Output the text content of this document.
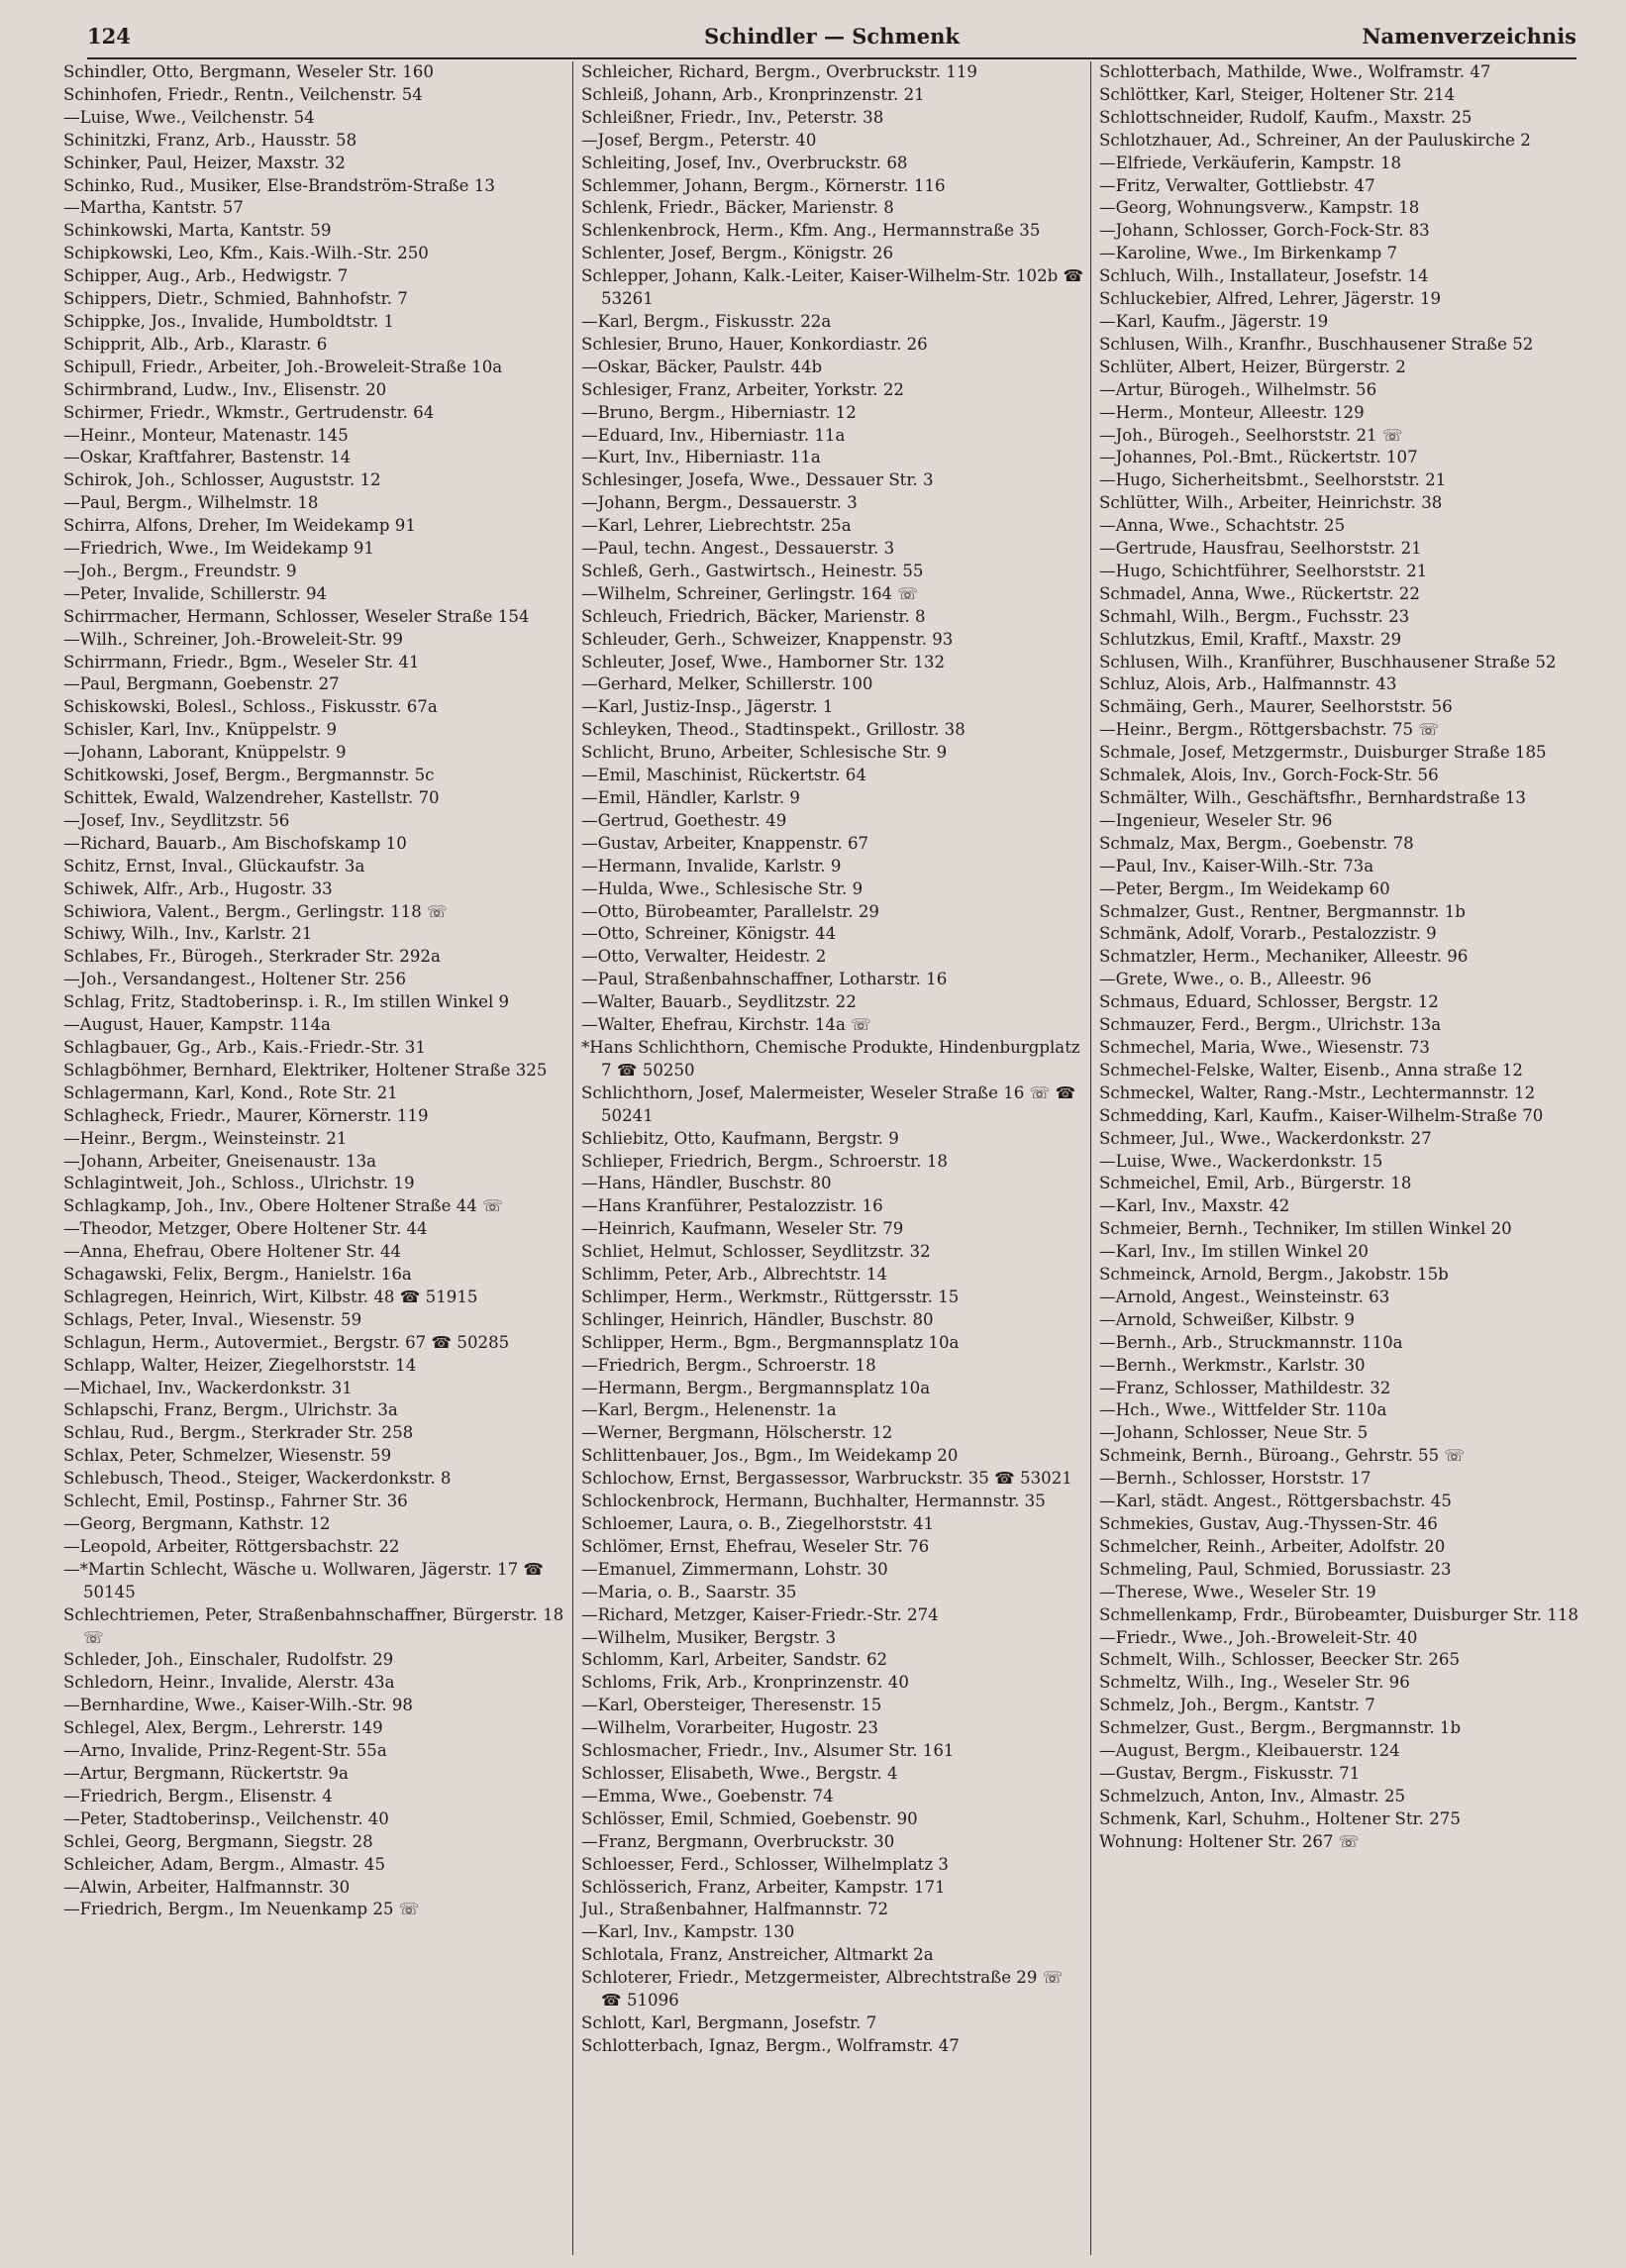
124	Schindler — Schmenk	Namenverzeichnis
Schindler, Otto, Bergmann, Weseler Str. 160
Schinhofen, Friedr., Rentn., Veilchenstr. 54
—Luise, Wwe., Veilchenstr. 54
Schinitzki, Franz, Arb., Hausstr. 58
Schinker, Paul, Heizer, Maxstr. 32
Schinko, Rud., Musiker, Else-Brandström-Straße 13
—Martha, Kantstr. 57
Schinkowski, Marta, Kantstr. 59
Schipkowski, Leo, Kfm., Kais.-Wilh.-Str. 250
Schipper, Aug., Arb., Hedwigstr. 7
Schippers, Dietr., Schmied, Bahnhofstr. 7
Schippke, Jos., Invalide, Humboldtstr. 1
Schipprit, Alb., Arb., Klarastr. 6
Schipull, Friedr., Arbeiter, Joh.-Broweleit-Straße 10a
Schirmbrand, Ludw., Inv., Elisenstr. 20
Schirmer, Friedr., Wkmstr., Gertrudenstr. 64
—Heinr., Monteur, Matenastr. 145
—Oskar, Kraftfahrer, Bastenstr. 14
Schirok, Joh., Schlosser, Auguststr. 12
—Paul, Bergm., Wilhelmstr. 18
Schirra, Alfons, Dreher, Im Weidekamp 91
—Friedrich, Wwe., Im Weidekamp 91
—Joh., Bergm., Freundstr. 9
—Peter, Invalide, Schillerstr. 94
Schirrmacher, Hermann, Schlosser, Weseler Straße 154
—Wilh., Schreiner, Joh.-Broweleit-Str. 99
Schirrmann, Friedr., Bgm., Weseler Str. 41
—Paul, Bergmann, Goebenstr. 27
Schiskowski, Bolesl., Schloss., Fiskusstr. 67a
Schisler, Karl, Inv., Knüppelstr. 9
—Johann, Laborant, Knüppelstr. 9
Schitkowski, Josef, Bergm., Bergmannstr. 5c
Schittek, Ewald, Walzendreher, Kastellstr. 70
—Josef, Inv., Seydlitzstr. 56
—Richard, Bauarb., Am Bischofskamp 10
Schitz, Ernst, Inval., Glückaufstr. 3a
Schiwek, Alfr., Arb., Hugostr. 33
Schiwiora, Valent., Bergm., Gerlingstr. 118 ☏
Schiwy, Wilh., Inv., Karlstr. 21
Schlabes, Fr., Bürogeh., Sterkrader Str. 292a
—Joh., Versandangest., Holtener Str. 256
Schlag, Fritz, Stadtoberinsp. i. R., Im stillen Winkel 9
—August, Hauer, Kampstr. 114a
Schlagbauer, Gg., Arb., Kais.-Friedr.-Str. 31
Schlagböhmer, Bernhard, Elektriker, Holtener Straße 325
Schlagermann, Karl, Kond., Rote Str. 21
Schlagheck, Friedr., Maurer, Körnerstr. 119
—Heinr., Bergm., Weinsteinstr. 21
—Johann, Arbeiter, Gneisenaustr. 13a
Schlagintweit, Joh., Schloss., Ulrichstr. 19
Schlagkamp, Joh., Inv., Obere Holtener Straße 44 ☏
—Theodor, Metzger, Obere Holtener Str. 44
—Anna, Ehefrau, Obere Holtener Str. 44
Schagawski, Felix, Bergm., Hanielstr. 16a
Schlagregen, Heinrich, Wirt, Kilbstr. 48 ☎ 51915
Schlags, Peter, Inval., Wiesenstr. 59
Schlagun, Herm., Autovermiet., Bergstr. 67 ☎ 50285
Schlapp, Walter, Heizer, Ziegelhorststr. 14
—Michael, Inv., Wackerdonkstr. 31
Schlapschi, Franz, Bergm., Ulrichstr. 3a
Schlau, Rud., Bergm., Sterkrader Str. 258
Schlax, Peter, Schmelzer, Wiesenstr. 59
Schlebusch, Theod., Steiger, Wackerdonkstr. 8
Schlecht, Emil, Postinsp., Fahrner Str. 36
—Georg, Bergmann, Kathstr. 12
—Leopold, Arbeiter, Röttgersbachstr. 22
—*Martin Schlecht, Wäsche u. Wollwaren, Jägerstr. 17 ☎ 50145
Schlechtriemen, Peter, Straßenbahnschaffner, Bürgerstr. 18 ☏
Schleder, Joh., Einschaler, Rudolfstr. 29
Schledorn, Heinr., Invalide, Alerstr. 43a
—Bernhardine, Wwe., Kaiser-Wilh.-Str. 98
Schlegel, Alex, Bergm., Lehrerstr. 149
—Arno, Invalide, Prinz-Regent-Str. 55a
—Artur, Bergmann, Rückertstr. 9a
—Friedrich, Bergm., Elisenstr. 4
—Peter, Stadtoberinsp., Veilchenstr. 40
Schlei, Georg, Bergmann, Siegstr. 28
Schleicher, Adam, Bergm., Almastr. 45
—Alwin, Arbeiter, Halfmannstr. 30
—Friedrich, Bergm., Im Neuenkamp 25 ☏
Schleicher, Richard, Bergm., Overbruckstr. 119
Schleiß, Johann, Arb., Kronprinzenstr. 21
Schleißner, Friedr., Inv., Peterstr. 38
—Josef, Bergm., Peterstr. 40
Schleiting, Josef, Inv., Overbruckstr. 68
Schlemmer, Johann, Bergm., Körnerstr. 116
Schlenk, Friedr., Bäcker, Marienstr. 8
Schlenkenbrock, Herm., Kfm. Ang., Hermannstraße 35
Schlenter, Josef, Bergm., Königstr. 26
Schlepper, Johann, Kalk.-Leiter, Kaiser-Wilhelm-Str. 102b ☎ 53261
—Karl, Bergm., Fiskusstr. 22a
Schlesier, Bruno, Hauer, Konkordiastr. 26
—Oskar, Bäcker, Paulstr. 44b
Schlesiger, Franz, Arbeiter, Yorkstr. 22
—Bruno, Bergm., Hiberniastr. 12
—Eduard, Inv., Hiberniastr. 11a
—Kurt, Inv., Hiberniastr. 11a
Schlesinger, Josefa, Wwe., Dessauer Str. 3
—Johann, Bergm., Dessauerstr. 3
—Karl, Lehrer, Liebrechtstr. 25a
—Paul, techn. Angest., Dessauerstr. 3
Schleß, Gerh., Gastwirtsch., Heinestr. 55
—Wilhelm, Schreiner, Gerlingstr. 164 ☏
Schleuch, Friedrich, Bäcker, Marienstr. 8
Schleuder, Gerh., Schweizer, Knappenstr. 93
Schleuter, Josef, Wwe., Hamborner Str. 132
—Gerhard, Melker, Schillerstr. 100
—Karl, Justiz-Insp., Jägerstr. 1
Schleyken, Theod., Stadtinspekt., Grillostr. 38
Schlicht, Bruno, Arbeiter, Schlesische Str. 9
—Emil, Maschinist, Rückertstr. 64
—Emil, Händler, Karlstr. 9
—Gertrud, Goethestr. 49
—Gustav, Arbeiter, Knappenstr. 67
—Hermann, Invalide, Karlstr. 9
—Hulda, Wwe., Schlesische Str. 9
—Otto, Bürobeamter, Parallelstr. 29
—Otto, Schreiner, Königstr. 44
—Otto, Verwalter, Heidestr. 2
—Paul, Straßenbahnschaffner, Lotharstr. 16
—Walter, Bauarb., Seydlitzstr. 22
—Walter, Ehefrau, Kirchstr. 14a ☏
*Hans Schlichthorn, Chemische Produkte, Hindenburgplatz 7 ☎ 50250
Schlichthorn, Josef, Malermeister, Weseler Straße 16 ☏ ☎ 50241
Schliebitz, Otto, Kaufmann, Bergstr. 9
Schlieper, Friedrich, Bergm., Schroerstr. 18
—Hans, Händler, Buschstr. 80
—Hans Kranführer, Pestalozzistr. 16
—Heinrich, Kaufmann, Weseler Str. 79
Schliet, Helmut, Schlosser, Seydlitzstr. 32
Schlimm, Peter, Arb., Albrechtstr. 14
Schlimper, Herm., Werkmstr., Rüttgersstr. 15
Schlinger, Heinrich, Händler, Buschstr. 80
Schlipper, Herm., Bgm., Bergmannsplatz 10a
—Friedrich, Bergm., Schroerstr. 18
—Hermann, Bergm., Bergmannsplatz 10a
—Karl, Bergm., Helenenstr. 1a
—Werner, Bergmann, Hölscherstr. 12
Schlittenbauer, Jos., Bgm., Im Weidekamp 20
Schlochow, Ernst, Bergassessor, Warbruckstr. 35 ☎ 53021
Schlockenbrock, Hermann, Buchhalter, Hermannstr. 35
Schloemer, Laura, o. B., Ziegelhorststr. 41
Schlömer, Ernst, Ehefrau, Weseler Str. 76
—Emanuel, Zimmermann, Lohstr. 30
—Maria, o. B., Saarstr. 35
—Richard, Metzger, Kaiser-Friedr.-Str. 274
—Wilhelm, Musiker, Bergstr. 3
Schlomm, Karl, Arbeiter, Sandstr. 62
Schloms, Frik, Arb., Kronprinzenstr. 40
—Karl, Obersteiger, Theresenstr. 15
—Wilhelm, Vorarbeiter, Hugostr. 23
Schlosmacher, Friedr., Inv., Alsumer Str. 161
Schlosser, Elisabeth, Wwe., Bergstr. 4
—Emma, Wwe., Goebenstr. 74
Schlösser, Emil, Schmied, Goebenstr. 90
—Franz, Bergmann, Overbruckstr. 30
Schloesser, Ferd., Schlosser, Wilhelmplatz 3
Schlösserich, Franz, Arbeiter, Kampstr. 171
Jul., Straßenbahner, Halfmannstr. 72
—Karl, Inv., Kampstr. 130
Schlotala, Franz, Anstreicher, Altmarkt 2a
Schloterer, Friedr., Metzgermeister, Albrechtstraße 29 ☏ ☎ 51096
Schlott, Karl, Bergmann, Josefstr. 7
Schlotterbach, Ignaz, Bergm., Wolframstr. 47
Schlotterbach, Mathilde, Wwe., Wolframstr. 47
Schlöttker, Karl, Steiger, Holtener Str. 214
Schlottschneider, Rudolf, Kaufm., Maxstr. 25
Schlotzhauer, Ad., Schreiner, An der Pauluskirche 2
—Elfriede, Verkäuferin, Kampstr. 18
—Fritz, Verwalter, Gottliebstr. 47
—Georg, Wohnungsverw., Kampstr. 18
—Johann, Schlosser, Gorch-Fock-Str. 83
—Karoline, Wwe., Im Birkenkamp 7
Schluch, Wilh., Installateur, Josefstr. 14
Schluckebier, Alfred, Lehrer, Jägerstr. 19
—Karl, Kaufm., Jägerstr. 19
Schlusen, Wilh., Kranfhr., Buschhausener Straße 52
Schlüter, Albert, Heizer, Bürgerstr. 2
—Artur, Bürogeh., Wilhelmstr. 56
—Herm., Monteur, Alleestr. 129
—Joh., Bürogeh., Seelhorststr. 21 ☏
—Johannes, Pol.-Bmt., Rückertstr. 107
—Hugo, Sicherheitsbmt., Seelhorststr. 21
Schlütter, Wilh., Arbeiter, Heinrichstr. 38
—Anna, Wwe., Schachtstr. 25
—Gertrude, Hausfrau, Seelhorststr. 21
—Hugo, Schichtführer, Seelhorststr. 21
Schmadel, Anna, Wwe., Rückertstr. 22
Schmahl, Wilh., Bergm., Fuchsstr. 23
Schlutzkus, Emil, Kraftf., Maxstr. 29
Schlusen, Wilh., Kranführer, Buschhausener Straße 52
Schluz, Alois, Arb., Halfmannstr. 43
Schmäing, Gerh., Maurer, Seelhorststr. 56
—Heinr., Bergm., Röttgersbachstr. 75 ☏
Schmale, Josef, Metzgermstr., Duisburger Straße 185
Schmalek, Alois, Inv., Gorch-Fock-Str. 56
Schmälter, Wilh., Geschäftsfhr., Bernhardstraße 13
—Ingenieur, Weseler Str. 96
Schmalz, Max, Bergm., Goebenstr. 78
—Paul, Inv., Kaiser-Wilh.-Str. 73a
—Peter, Bergm., Im Weidekamp 60
Schmalzer, Gust., Rentner, Bergmannstr. 1b
Schmänk, Adolf, Vorarb., Pestalozzistr. 9
Schmatzler, Herm., Mechaniker, Alleestr. 96
—Grete, Wwe., o. B., Alleestr. 96
Schmaus, Eduard, Schlosser, Bergstr. 12
Schmauzer, Ferd., Bergm., Ulrichstr. 13a
Schmechel, Maria, Wwe., Wiesenstr. 73
Schmechel-Felske, Walter, Eisenb., Anna straße 12
Schmeckel, Walter, Rang.-Mstr., Lechtermannstr. 12
Schmedding, Karl, Kaufm., Kaiser-Wilhelm-Straße 70
Schmeer, Jul., Wwe., Wackerdonkstr. 27
—Luise, Wwe., Wackerdonkstr. 15
Schmeichel, Emil, Arb., Bürgerstr. 18
—Karl, Inv., Maxstr. 42
Schmeier, Bernh., Techniker, Im stillen Winkel 20
—Karl, Inv., Im stillen Winkel 20
Schmeinck, Arnold, Bergm., Jakobstr. 15b
—Arnold, Angest., Weinsteinstr. 63
—Arnold, Schweißer, Kilbstr. 9
—Bernh., Arb., Struckmannstr. 110a
—Bernh., Werkmstr., Karlstr. 30
—Franz, Schlosser, Mathildestr. 32
—Hch., Wwe., Wittfelder Str. 110a
—Johann, Schlosser, Neue Str. 5
Schmeink, Bernh., Büroang., Gehrstr. 55 ☏
—Bernh., Schlosser, Horststr. 17
—Karl, städt. Angest., Röttgersbachstr. 45
Schmekies, Gustav, Aug.-Thyssen-Str. 46
Schmelcher, Reinh., Arbeiter, Adolfstr. 20
Schmeling, Paul, Schmied, Borussiastr. 23
—Therese, Wwe., Weseler Str. 19
Schmellenkamp, Frdr., Bürobeamter, Duisburger Str. 118
—Friedr., Wwe., Joh.-Broweleit-Str. 40
Schmelt, Wilh., Schlosser, Beecker Str. 265
Schmeltz, Wilh., Ing., Weseler Str. 96
Schmelz, Joh., Bergm., Kantstr. 7
Schmelzer, Gust., Bergm., Bergmannstr. 1b
—August, Bergm., Kleibauerstr. 124
—Gustav, Bergm., Fiskusstr. 71
Schmelzuch, Anton, Inv., Almastr. 25
Schmenk, Karl, Schuhm., Holtener Str. 275
Wohnung: Holtener Str. 267 ☏
